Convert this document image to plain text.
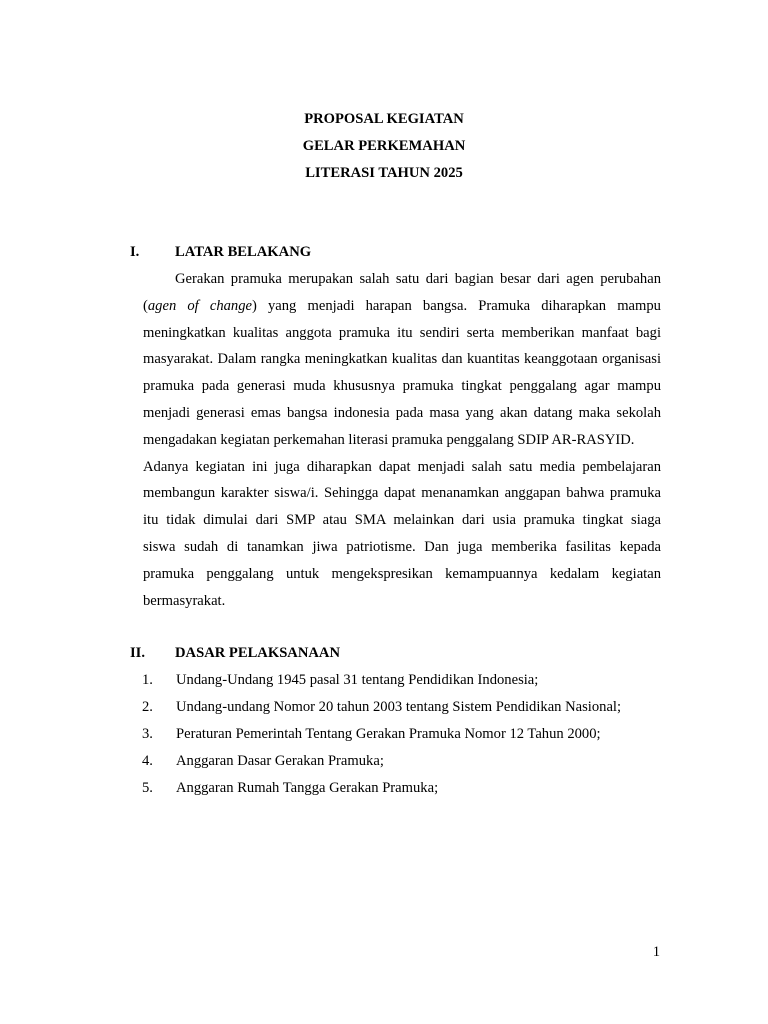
PROPOSAL KEGIATAN
GELAR PERKEMAHAN
LITERASI TAHUN 2025
I. LATAR BELAKANG
Gerakan pramuka merupakan salah satu dari bagian besar dari agen perubahan
(agen of change) yang menjadi harapan bangsa. Pramuka diharapkan mampu
meningkatkan kualitas anggota pramuka itu sendiri serta memberikan manfaat bagi
masyarakat. Dalam rangka meningkatkan kualitas dan kuantitas keanggotaan organisasi
pramuka pada generasi muda khususnya pramuka tingkat penggalang agar mampu
menjadi generasi emas bangsa indonesia pada masa yang akan datang maka sekolah
mengadakan kegiatan perkemahan literasi pramuka penggalang SDIP AR-RASYID.
Adanya kegiatan ini juga diharapkan dapat menjadi salah satu media pembelajaran
membangun karakter siswa/i. Sehingga dapat menanamkan anggapan bahwa pramuka
itu tidak dimulai dari SMP atau SMA melainkan dari usia pramuka tingkat siaga
siswa sudah di tanamkan jiwa patriotisme. Dan juga memberika fasilitas kepada
pramuka penggalang untuk mengekspresikan kemampuannya kedalam kegiatan
bermasyrakat.
II. DASAR PELAKSANAAN
1. Undang-Undang 1945 pasal 31 tentang Pendidikan Indonesia;
2. Undang-undang Nomor 20 tahun 2003 tentang Sistem Pendidikan Nasional;
3. Peraturan Pemerintah Tentang Gerakan Pramuka Nomor 12 Tahun 2000;
4. Anggaran Dasar Gerakan Pramuka;
5. Anggaran Rumah Tangga Gerakan Pramuka;
1
